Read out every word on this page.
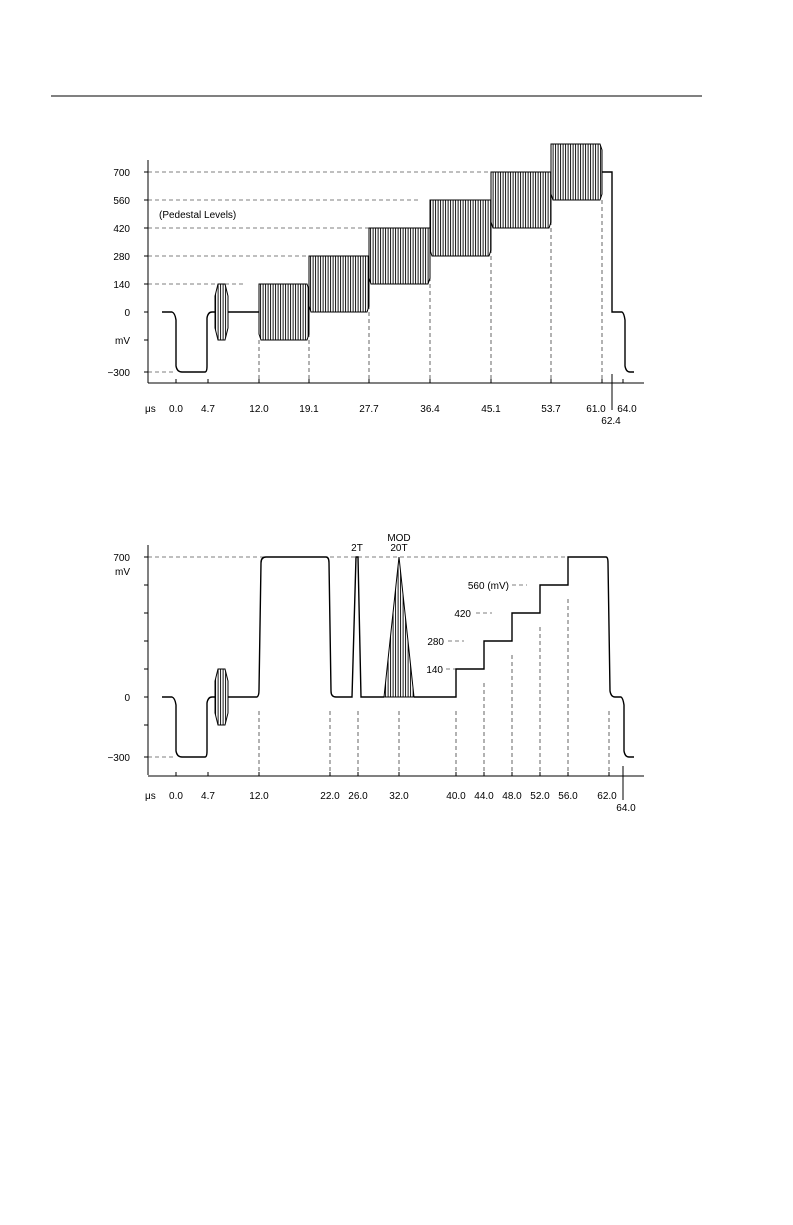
700
560
420
280
140
0
mV
−300
(Pedestal Levels)
μs 0.0 4.7	12.0	19.1	27.7	36.4	45.1	53.7	61.0 64.0
62.4
700
mV
0
−300
2T
MOD
20T
560 (mV)
420
280
140
μs 0.0 4.7	12.0	22.0 26.0 32.0	40.0 44.0 48.0 52.0 56.0 62.0
64.0
